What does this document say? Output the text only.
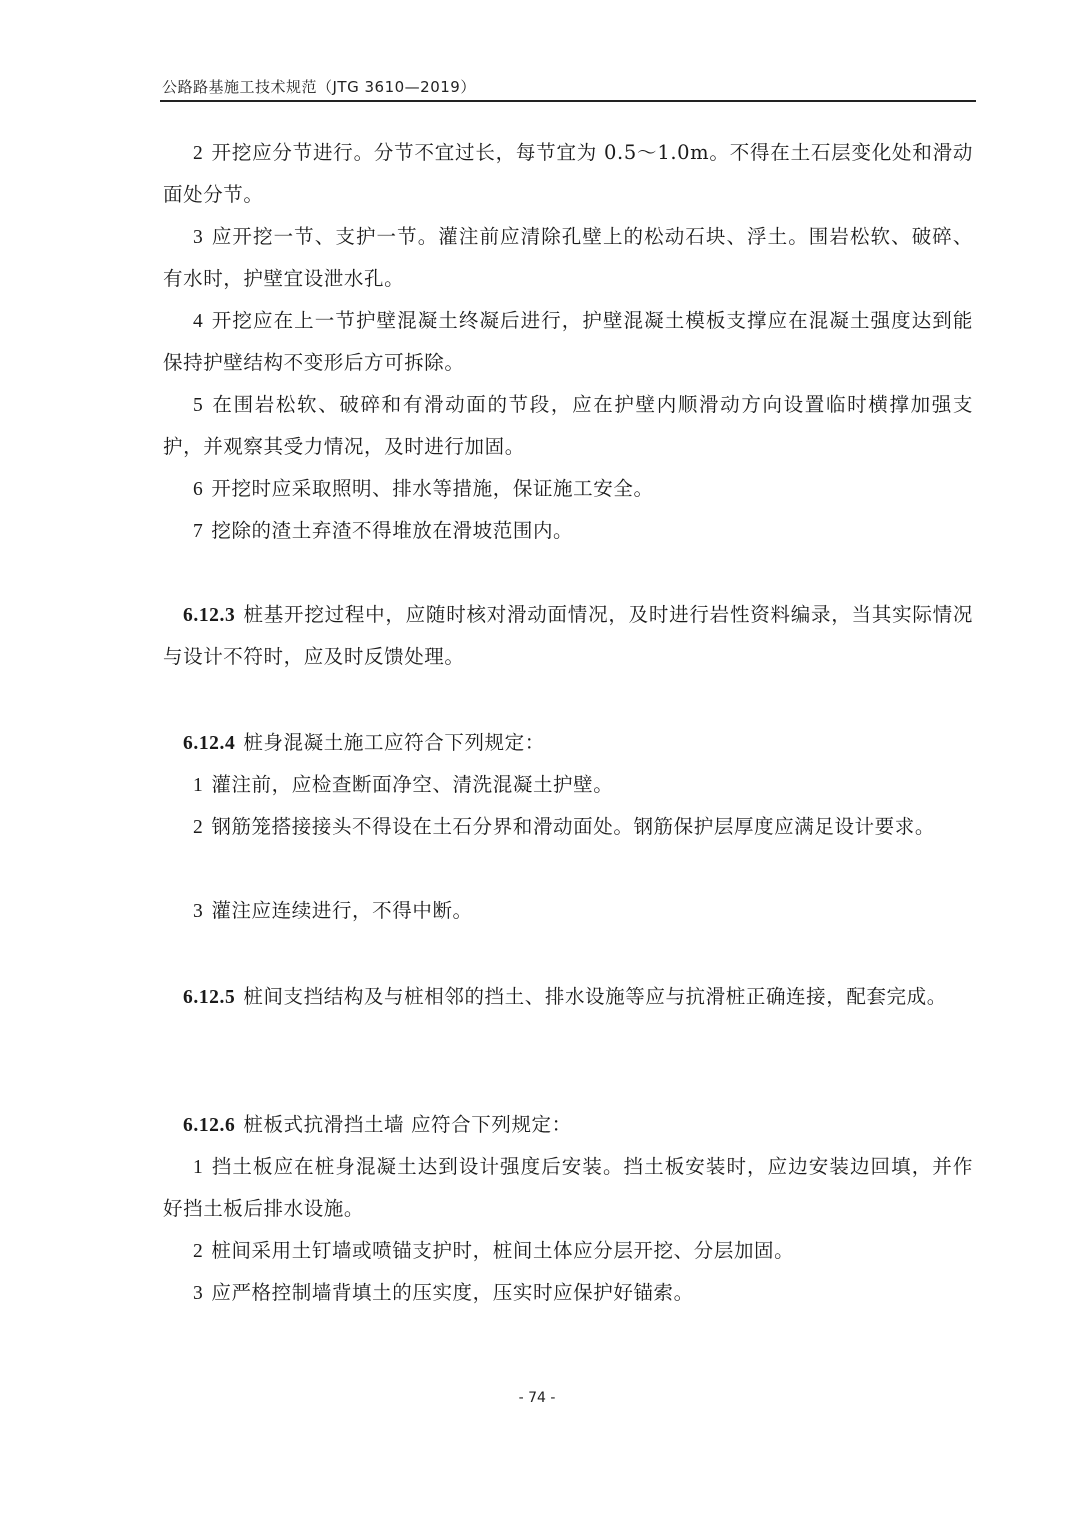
公路路基施工技术规范（JTG 3610—2019）
2 开挖应分节进行。分节不宜过长，每节宜为 0.5～1.0m。不得在土石层变化处和滑动面处分节。
3 应开挖一节、支护一节。灌注前应清除孔壁上的松动石块、浮土。围岩松软、破碎、有水时，护壁宜设泄水孔。
4 开挖应在上一节护壁混凝土终凝后进行，护壁混凝土模板支撑应在混凝土强度达到能保持护壁结构不变形后方可拆除。
5 在围岩松软、破碎和有滑动面的节段，应在护壁内顺滑动方向设置临时横撑加强支护，并观察其受力情况，及时进行加固。
6 开挖时应采取照明、排水等措施，保证施工安全。
7 挖除的渣土弃渣不得堆放在滑坡范围内。
6.12.3 桩基开挖过程中，应随时核对滑动面情况，及时进行岩性资料编录，当其实际情况与设计不符时，应及时反馈处理。
6.12.4 桩身混凝土施工应符合下列规定：
1 灌注前，应检查断面净空、清洗混凝土护壁。
2 钢筋笼搭接接头不得设在土石分界和滑动面处。钢筋保护层厚度应满足设计要求。
3 灌注应连续进行，不得中断。
6.12.5 桩间支挡结构及与桩相邻的挡土、排水设施等应与抗滑桩正确连接，配套完成。
6.12.6 桩板式抗滑挡土墙 应符合下列规定：
1 挡土板应在桩身混凝土达到设计强度后安装。挡土板安装时，应边安装边回填，并作好挡土板后排水设施。
2 桩间采用土钉墙或喷锚支护时，桩间土体应分层开挖、分层加固。
3 应严格控制墙背填土的压实度，压实时应保护好锚索。
- 74 -
